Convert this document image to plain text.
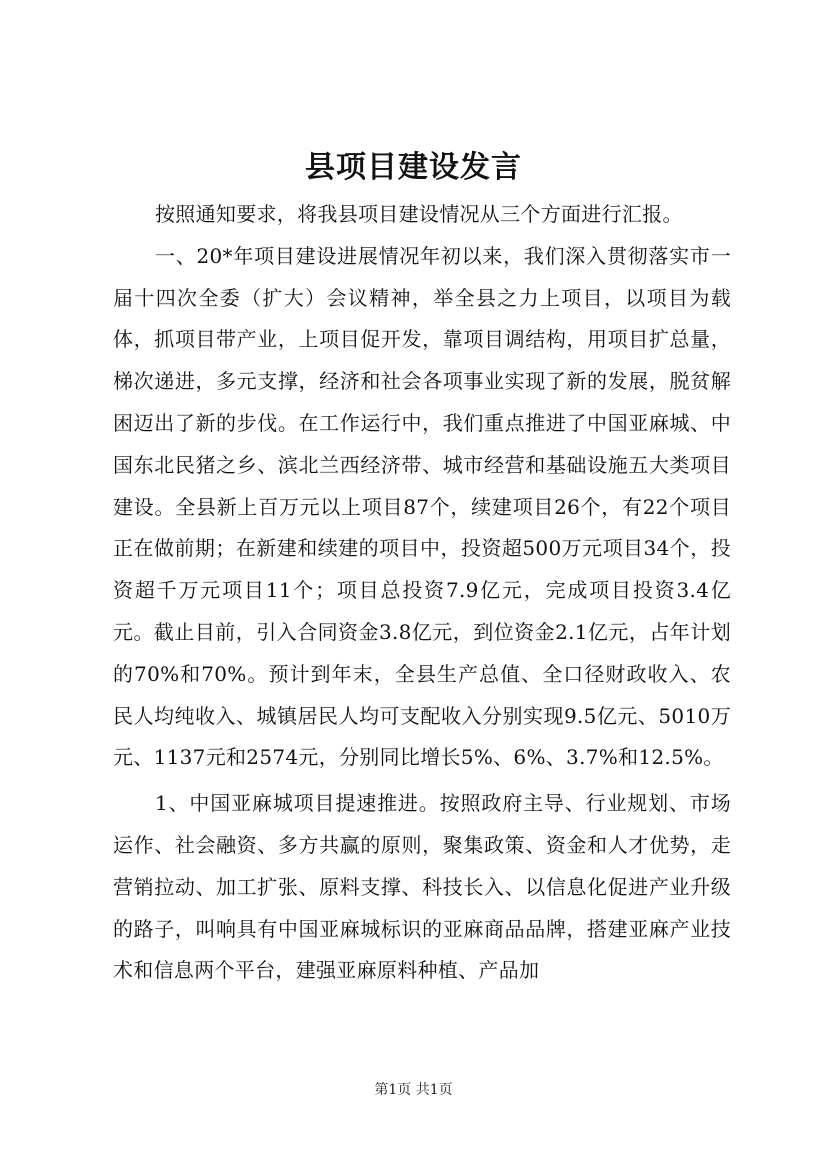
县项目建设发言

按照通知要求，将我县项目建设情况从三个方面进行汇报。

一、20*年项目建设进展情况年初以来，我们深入贯彻落实市一届十四次全委（扩大）会议精神，举全县之力上项目，以项目为载体，抓项目带产业，上项目促开发，靠项目调结构，用项目扩总量，梯次递进，多元支撑，经济和社会各项事业实现了新的发展，脱贫解困迈出了新的步伐。在工作运行中，我们重点推进了中国亚麻城、中国东北民猪之乡、滨北兰西经济带、城市经营和基础设施五大类项目建设。全县新上百万元以上项目87个，续建项目26个，有22个项目正在做前期；在新建和续建的项目中，投资超500万元项目34个，投资超千万元项目11个；项目总投资7.9亿元，完成项目投资3.4亿元。截止目前，引入合同资金3.8亿元，到位资金2.1亿元，占年计划的70%和70%。预计到年末，全县生产总值、全口径财政收入、农民人均纯收入、城镇居民人均可支配收入分别实现9.5亿元、5010万元、1137元和2574元，分别同比增长5%、6%、3.7%和12.5%。

1、中国亚麻城项目提速推进。按照政府主导、行业规划、市场运作、社会融资、多方共赢的原则，聚集政策、资金和人才优势，走营销拉动、加工扩张、原料支撑、科技长入、以信息化促进产业升级的路子，叫响具有中国亚麻城标识的亚麻商品品牌，搭建亚麻产业技术和信息两个平台，建强亚麻原料种植、产品加

第1页 共1页
